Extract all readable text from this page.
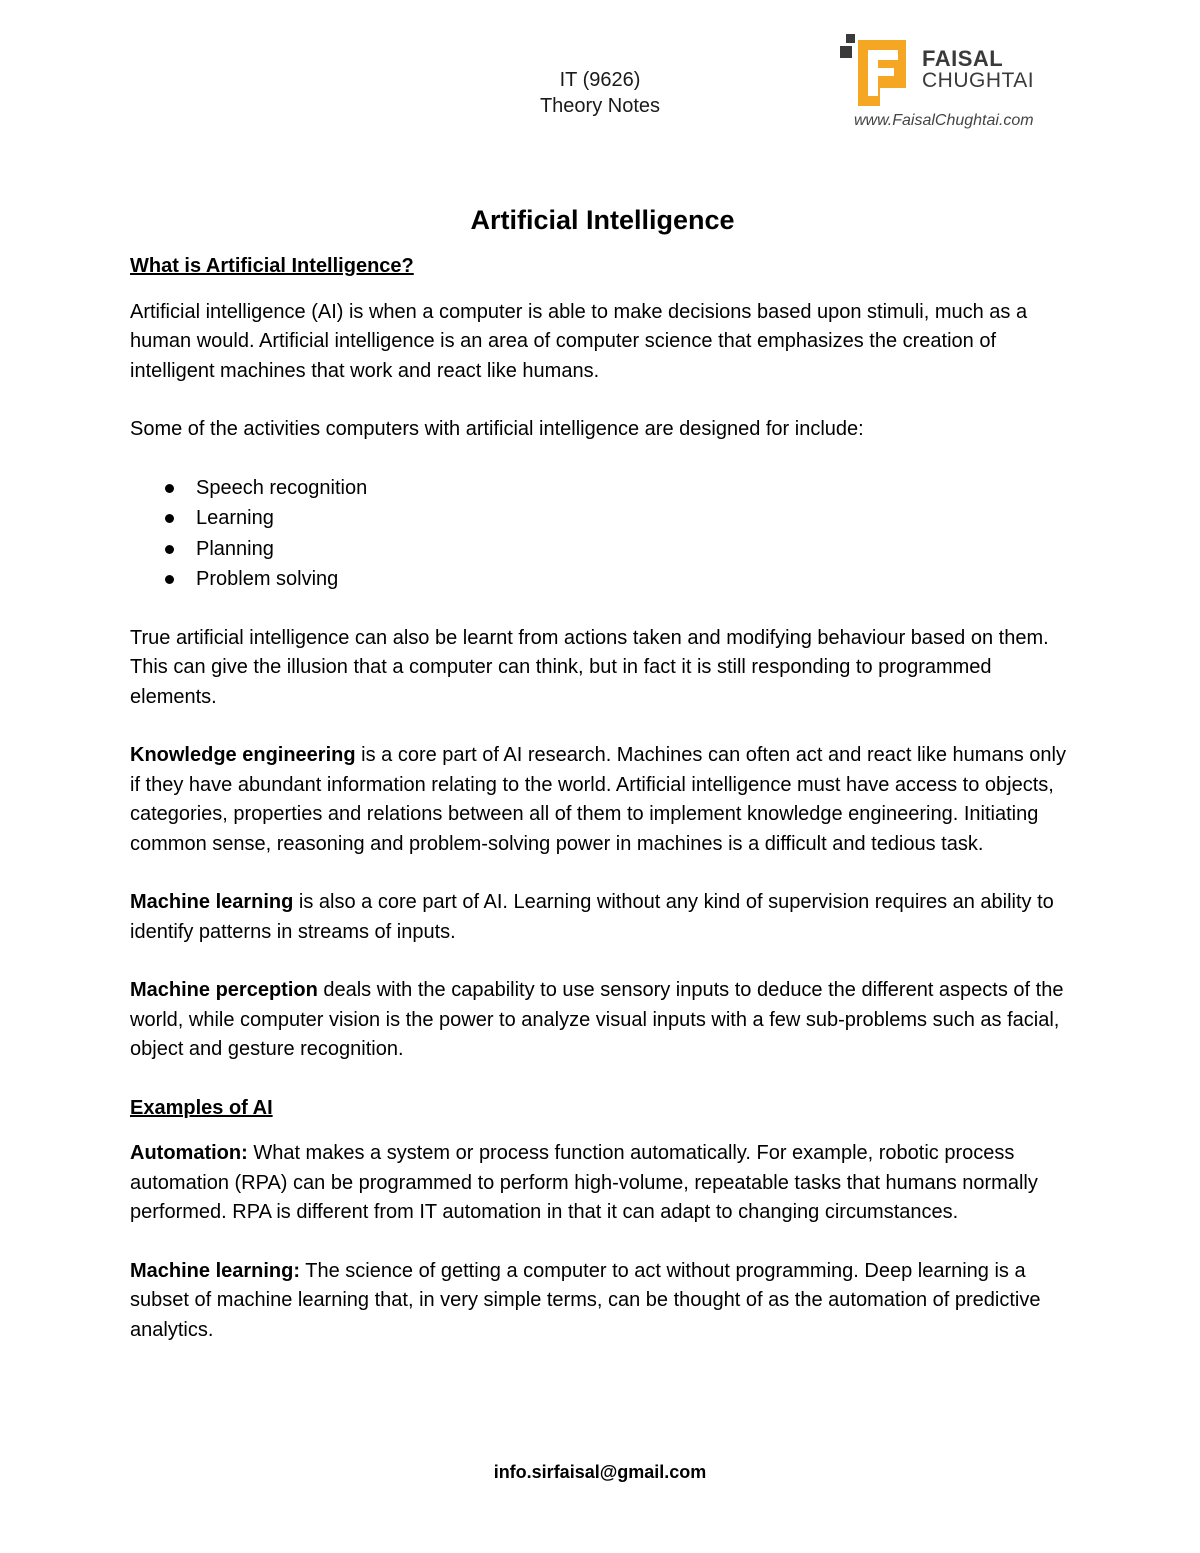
IT (9626)
Theory Notes
FAISAL
CHUGHTAI
www.FaisalChughtai.com
Artificial Intelligence
What is Artificial Intelligence?

Artificial intelligence (AI) is when a computer is able to make decisions based upon stimuli, much as a human would. Artificial intelligence is an area of computer science that emphasizes the creation of intelligent machines that work and react like humans.

Some of the activities computers with artificial intelligence are designed for include:

Speech recognition
Learning
Planning
Problem solving

True artificial intelligence can also be learnt from actions taken and modifying behaviour based on them. This can give the illusion that a computer can think, but in fact it is still responding to programmed elements.

Knowledge engineering is a core part of AI research. Machines can often act and react like humans only if they have abundant information relating to the world. Artificial intelligence must have access to objects, categories, properties and relations between all of them to implement knowledge engineering. Initiating common sense, reasoning and problem-solving power in machines is a difficult and tedious task.

Machine learning is also a core part of AI. Learning without any kind of supervision requires an ability to identify patterns in streams of inputs.

Machine perception deals with the capability to use sensory inputs to deduce the different aspects of the world, while computer vision is the power to analyze visual inputs with a few sub-problems such as facial, object and gesture recognition.

Examples of AI

Automation: What makes a system or process function automatically. For example, robotic process automation (RPA) can be programmed to perform high-volume, repeatable tasks that humans normally performed. RPA is different from IT automation in that it can adapt to changing circumstances.

Machine learning: The science of getting a computer to act without programming. Deep learning is a subset of machine learning that, in very simple terms, can be thought of as the automation of predictive analytics.

info.sirfaisal@gmail.com
